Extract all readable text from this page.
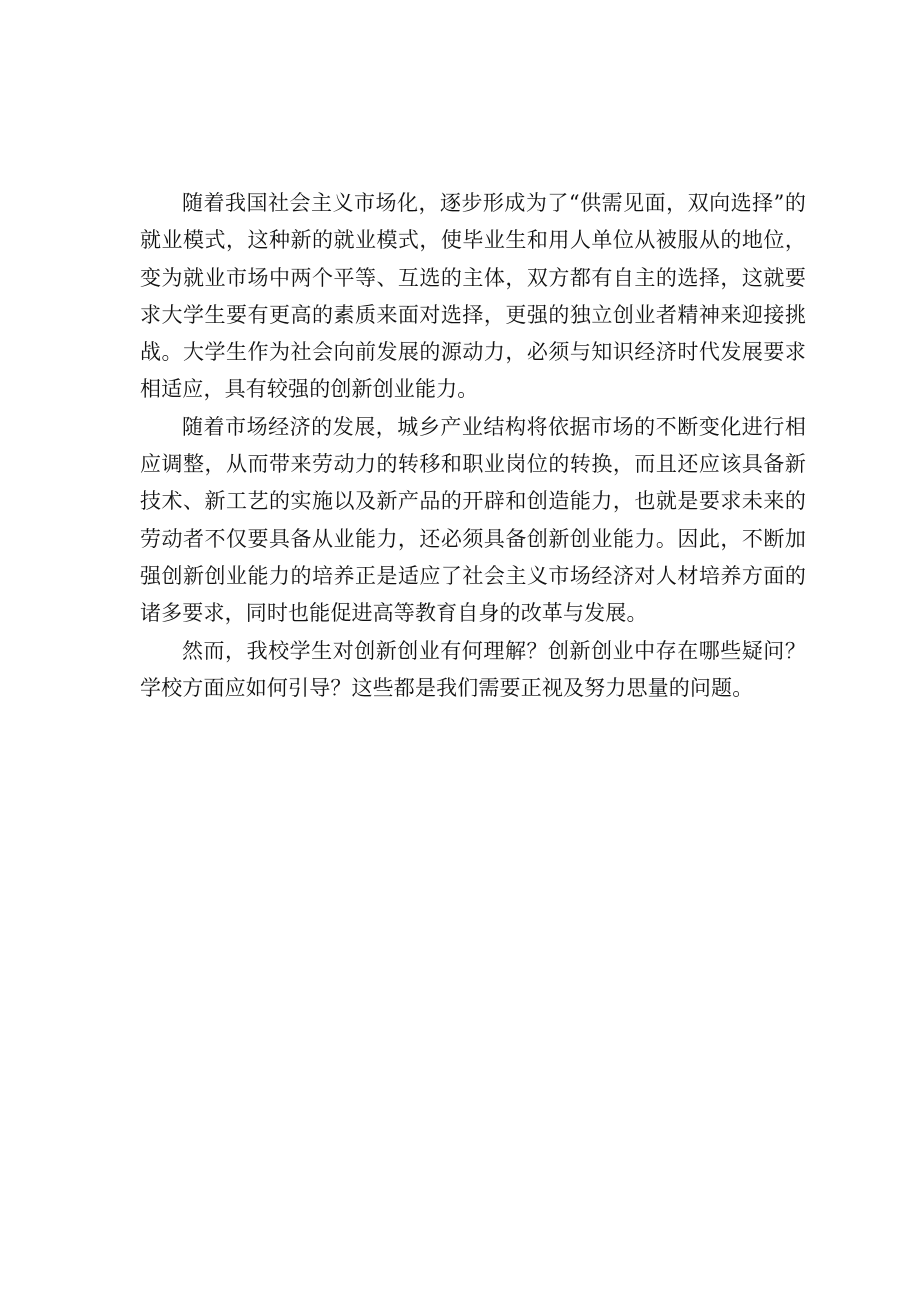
随着我国社会主义市场化，逐步形成为了“供需见面，双向选择”的就业模式，这种新的就业模式，使毕业生和用人单位从被服从的地位，变为就业市场中两个平等、互选的主体，双方都有自主的选择，这就要求大学生要有更高的素质来面对选择，更强的独立创业者精神来迎接挑战。大学生作为社会向前发展的源动力，必须与知识经济时代发展要求相适应，具有较强的创新创业能力。

随着市场经济的发展，城乡产业结构将依据市场的不断变化进行相应调整，从而带来劳动力的转移和职业岗位的转换，而且还应该具备新技术、新工艺的实施以及新产品的开辟和创造能力，也就是要求未来的劳动者不仅要具备从业能力，还必须具备创新创业能力。因此，不断加强创新创业能力的培养正是适应了社会主义市场经济对人材培养方面的诸多要求，同时也能促进高等教育自身的改革与发展。

然而，我校学生对创新创业有何理解？创新创业中存在哪些疑问？学校方面应如何引导？这些都是我们需要正视及努力思量的问题。
